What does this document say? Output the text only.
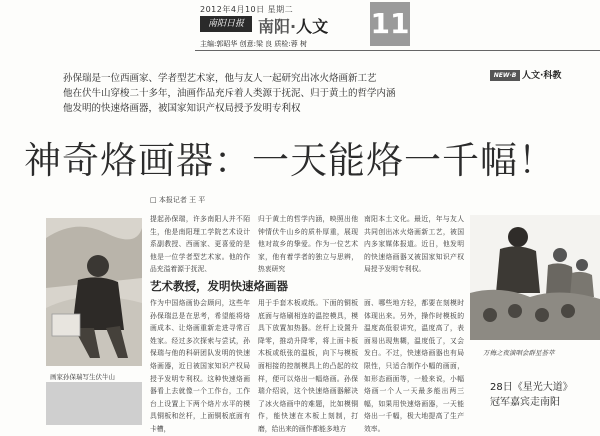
2012年4月10日 星期二
南阳日报 南阳·人文 11
主编:郭昭华 创意:梁 良 质检:蓉 树
NEW·B 人文·科教
孙保瑞是一位西画家、学者型艺术家，他与友人一起研究出冰火烙画新工艺
他在伏牛山穿梭二十多年，油画作品充斥着人类源于抚泥、归于黄土的哲学内涵
他发明的快速烙画器，被国家知识产权局授予发明专利权
神奇烙画器：一天能烙一千幅！
□ 本报记者 王 平
提起孙保瑞，许多南阳人并不陌生，他是南阳理工学院艺术设计系副教授、西画家、更喜爱的是他是一位学者型艺术家。他的作品充溢着源于抚泥、
归于黄土的哲学内涵，映照出他钟情伏牛山乡的质朴厚重，展现他对故乡的挚爱。作为一位艺术家，他有着学者的独立与思辨，热衷研究
南阳本土文化。最近，年与友人共同创出冰火烙画新工艺，被国内多家媒体报道。近日，他发明的快速烙画器又被国家知识产权局授予发明专利权。
艺术教授，发明快速烙画器
作为中国烙画协会顾问，这些年孙保瑞总是在思考，希望能将烙画成本、让烙画重新走进寻常百姓家。经过多次探索与尝试，孙保瑞与他的科研团队发明的快速烙画器，近日被国家知识产权局授予发明专利权。这种快速烙画器看上去就像一个工作台，工作台上设置上下两个烙片水平的模具铜板和丝杆，上面铜板底面有卡槽，
用于手套木板或纸。下面的铜板底面与烙刷相连的温控模具，模具下放置加热器。丝杆上设置升降零，推动升降零，将上面卡板木板或纸张的温板，向下与模板面相接的控制模具上的凸起的纹样，便可以烙出一幅烙画。孙保瑞介绍说，这个快速烙画器解决了冰火烙画中的难题，比如模铜作，能快速在木板上刻制，打磨，给出来的画作都能多地方
面、哪些地方轻，都要在刻模时体现出来。另外，操作时模板的温度高低很讲究，温度高了，表面易出现焦糊，温度低了，又会发白。不过，快速烙画器也有局限性，只适合制作小幅的画面，如形态画面等，一般来说，小幅烙画一个人一天最多能出两三幅，如果用快速烙画器，一天能烙出一千幅，极大地提高了生产效率。
画家孙保瑞写生伏牛山
万梅之夜演唱会群星荟萃
28日《星光大道》
冠军嘉宾走南阳
